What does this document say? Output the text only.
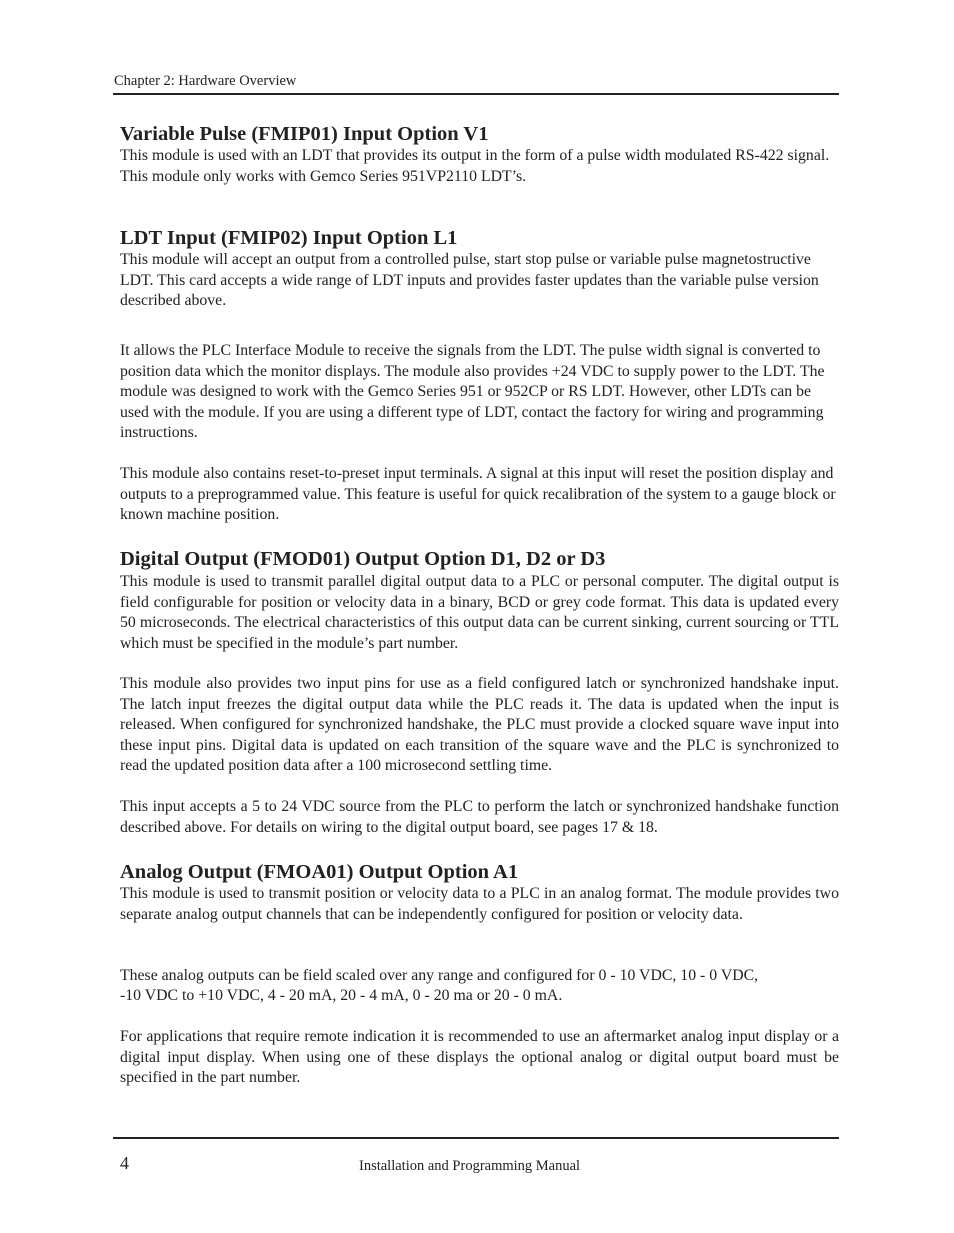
Chapter 2: Hardware Overview
Variable Pulse (FMIP01) Input Option V1

This module is used with an LDT that provides its output in the form of a pulse width modulated RS-422 signal. This module only works with Gemco Series 951VP2110 LDT’s.

LDT Input (FMIP02) Input Option L1

This module will accept an output from a controlled pulse, start stop pulse or variable pulse magnetostructive LDT. This card accepts a wide range of LDT inputs and provides faster updates than the variable pulse version described above.

It allows the PLC Interface Module to receive the signals from the LDT. The pulse width signal is converted to position data which the monitor displays. The module also provides +24 VDC to supply power to the LDT. The module was designed to work with the Gemco Series 951 or 952CP or RS LDT. However, other LDTs can be used with the module. If you are using a different type of LDT, contact the factory for wiring and programming instructions.

This module also contains reset-to-preset input terminals. A signal at this input will reset the position display and outputs to a preprogrammed value. This feature is useful for quick recalibration of the system to a gauge block or known machine position.

Digital Output (FMOD01) Output Option D1, D2 or D3

This module is used to transmit parallel digital output data to a PLC or personal computer. The digital output is field configurable for position or velocity data in a binary, BCD or grey code format. This data is updated every 50 microseconds. The electrical characteristics of this output data can be current sinking, current sourcing or TTL which must be specified in the module’s part number.

This module also provides two input pins for use as a field configured latch or synchronized handshake input. The latch input freezes the digital output data while the PLC reads it. The data is updated when the input is released. When configured for synchronized handshake, the PLC must provide a clocked square wave input into these input pins. Digital data is updated on each transition of the square wave and the PLC is synchronized to read the updated position data after a 100 microsecond settling time.

This input accepts a 5 to 24 VDC source from the PLC to perform the latch or synchronized handshake function described above. For details on wiring to the digital output board, see pages 17 & 18.

Analog Output (FMOA01) Output Option A1

This module is used to transmit position or velocity data to a PLC in an analog format. The module provides two separate analog output channels that can be independently configured for position or velocity data.

These analog outputs can be field scaled over any range and configured for 0 - 10 VDC, 10 - 0 VDC,

-10 VDC to +10 VDC, 4 - 20 mA, 20 - 4 mA, 0 - 20 ma or 20 - 0 mA.

For applications that require remote indication it is recommended to use an aftermarket analog input display or a digital input display. When using one of these displays the optional analog or digital output board must be specified in the part number.

4	Installation and Programming Manual
